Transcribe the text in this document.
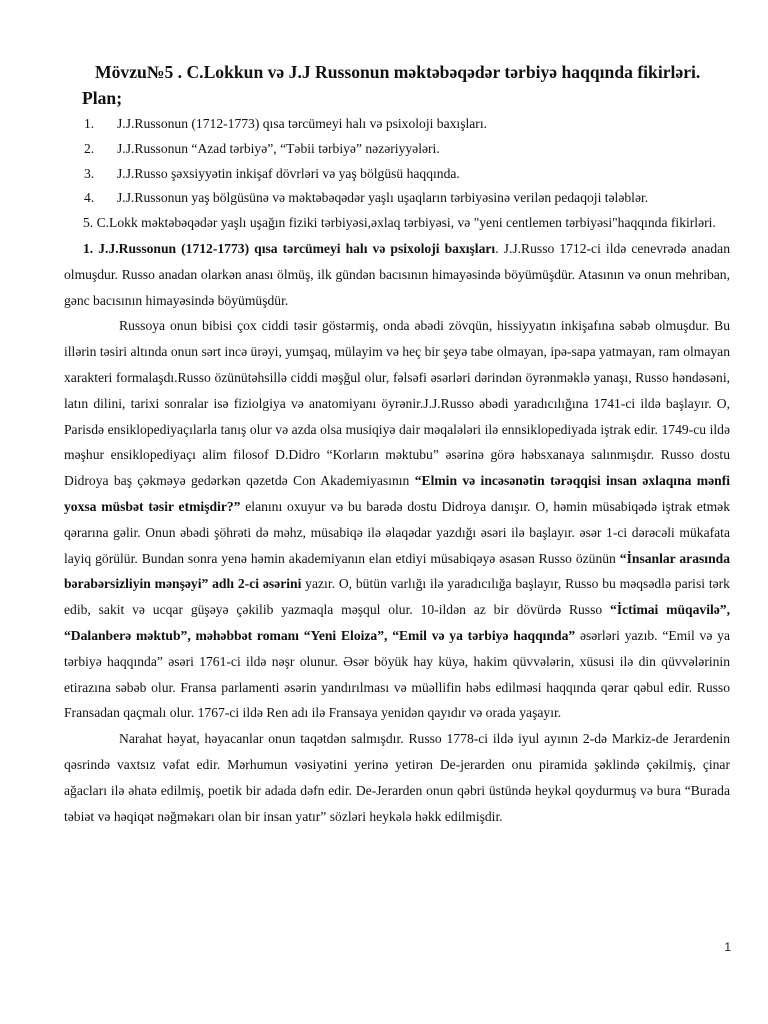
Mövzu№5 . C.Lokkun və J.J Russonun məktəbəqədər tərbiyə haqqında fikirləri.
Plan;
1. J.J.Russonun (1712-1773) qısa tərcümeyi halı və psixoloji baxışları.
2. J.J.Russonun “Azad tərbiyə”, “Təbii tərbiyə” nəzəriyyələri.
3. J.J.Russo şəxsiyyətin inkişaf dövrləri və yaş bölgüsü haqqında.
4. J.J.Russonun yaş bölgüsünə və məktəbəqədər yaşlı uşaqların tərbiyəsinə verilən pedaqoji tələblər.
5. C.Lokk məktəbəqədər yaşlı uşağın fiziki tərbiyəsi,əxlaq tərbiyəsi, və "yeni centlemen tərbiyəsi"haqqında fikirləri.

1. J.J.Russonun (1712-1773) qısa tərcümeyi halı və psixoloji baxışları. J.J.Russo 1712-ci ildə cenevrədə anadan olmuşdur. Russo anadan olarkən anası ölmüş, ilk gündən bacısının himayəsində böyümüşdür. Atasının və onun mehriban, gənc bacısının himayəsində böyümüşdür.

Russoya onun bibisi çox ciddi təsir göstərmiş, onda əbədi zövqün, hissiyyatın inkişafına səbəb olmuşdur. Bu illərin təsiri altında onun sərt incə ürəyi, yumşaq, mülayim və heç bir şeyə tabe olmayan, ipə-sapa yatmayan, ram olmayan xarakteri formalaşdı.Russo özünütəhsillə ciddi məşğul olur, fəlsəfi əsərləri dərindən öyrənməklə yanaşı, Russo həndəsəni, latın dilini, tarixi sonralar isə fiziolgiya və anatomiyanı öyrənir.J.J.Russo əbədi yaradıcılığına 1741-ci ildə başlayır. O, Parisdə ensiklopediyaçılarla tanış olur və azda olsa musiqiyə dair məqalələri ilə ennsiklopediyada iştrak edir. 1749-cu ildə məşhur ensiklopediyaçı alim filosof D.Didro “Korların məktubu” əsərinə görə həbsxanaya salınmışdır. Russo dostu Didroya baş çəkməyə gedərkən qəzetdə Con Akademiyasının “Elmin və incəsənətin tərəqqisi insan əxlaqına mənfi yoxsa müsbət təsir etmişdir?” elanını oxuyur və bu barədə dostu Didroya danışır. O, həmin müsabiqədə iştrak etmək qərarına gəlir. Onun əbədi şöhrəti də məhz, müsabiqə ilə əlaqədar yazdığı əsəri ilə başlayır. əsər 1-ci dərəcəli mükafata layiq görülür. Bundan sonra yenə həmin akademiyanın elan etdiyi müsabiqəyə əsasən Russo özünün “İnsanlar arasında bərabərsizliyin mənşəyi” adlı 2-ci əsərini yazır. O, bütün varlığı ilə yaradıcılığa başlayır, Russo bu məqsədlə parisi tərk edib, sakit və ucqar güşəyə çəkilib yazmaqla məşqul olur. 10-ildən az bir dövürdə Russo “İctimai müqavilə”, “Dalanberə məktub”, məhəbbət romanı “Yeni Eloiza”, “Emil və ya tərbiyə haqqında” əsərləri yazıb. “Emil və ya tərbiyə haqqında” əsəri 1761-ci ildə nəşr olunur. Əsər böyük hay küyə, hakim qüvvələrin, xüsusi ilə din qüvvələrinin etirazına səbəb olur. Fransa parlamenti əsərin yandırılması və müəllifin həbs edilməsi haqqında qərar qəbul edir. Russo Fransadan qaçmalı olur. 1767-ci ildə Ren adı ilə Fransaya yenidən qayıdır və orada yaşayır.

Narahat həyat, həyacanlar onun taqətdən salmışdır. Russo 1778-ci ildə iyul ayının 2-də Markiz-de Jerardenin qəsrində vaxtsız vəfat edir. Mərhumun vəsiyətini yerinə yetirən De-jerarden onu piramida şəklində çəkilmiş, çinar ağacları ilə əhatə edilmiş, poetik bir adada dəfn edir. De-Jerarden onun qəbri üstündə heykəl qoydurmuş və bura “Burada təbiət və həqiqət nəğməkarı olan bir insan yatır” sözləri heykələ həkk edilmişdir.

1
